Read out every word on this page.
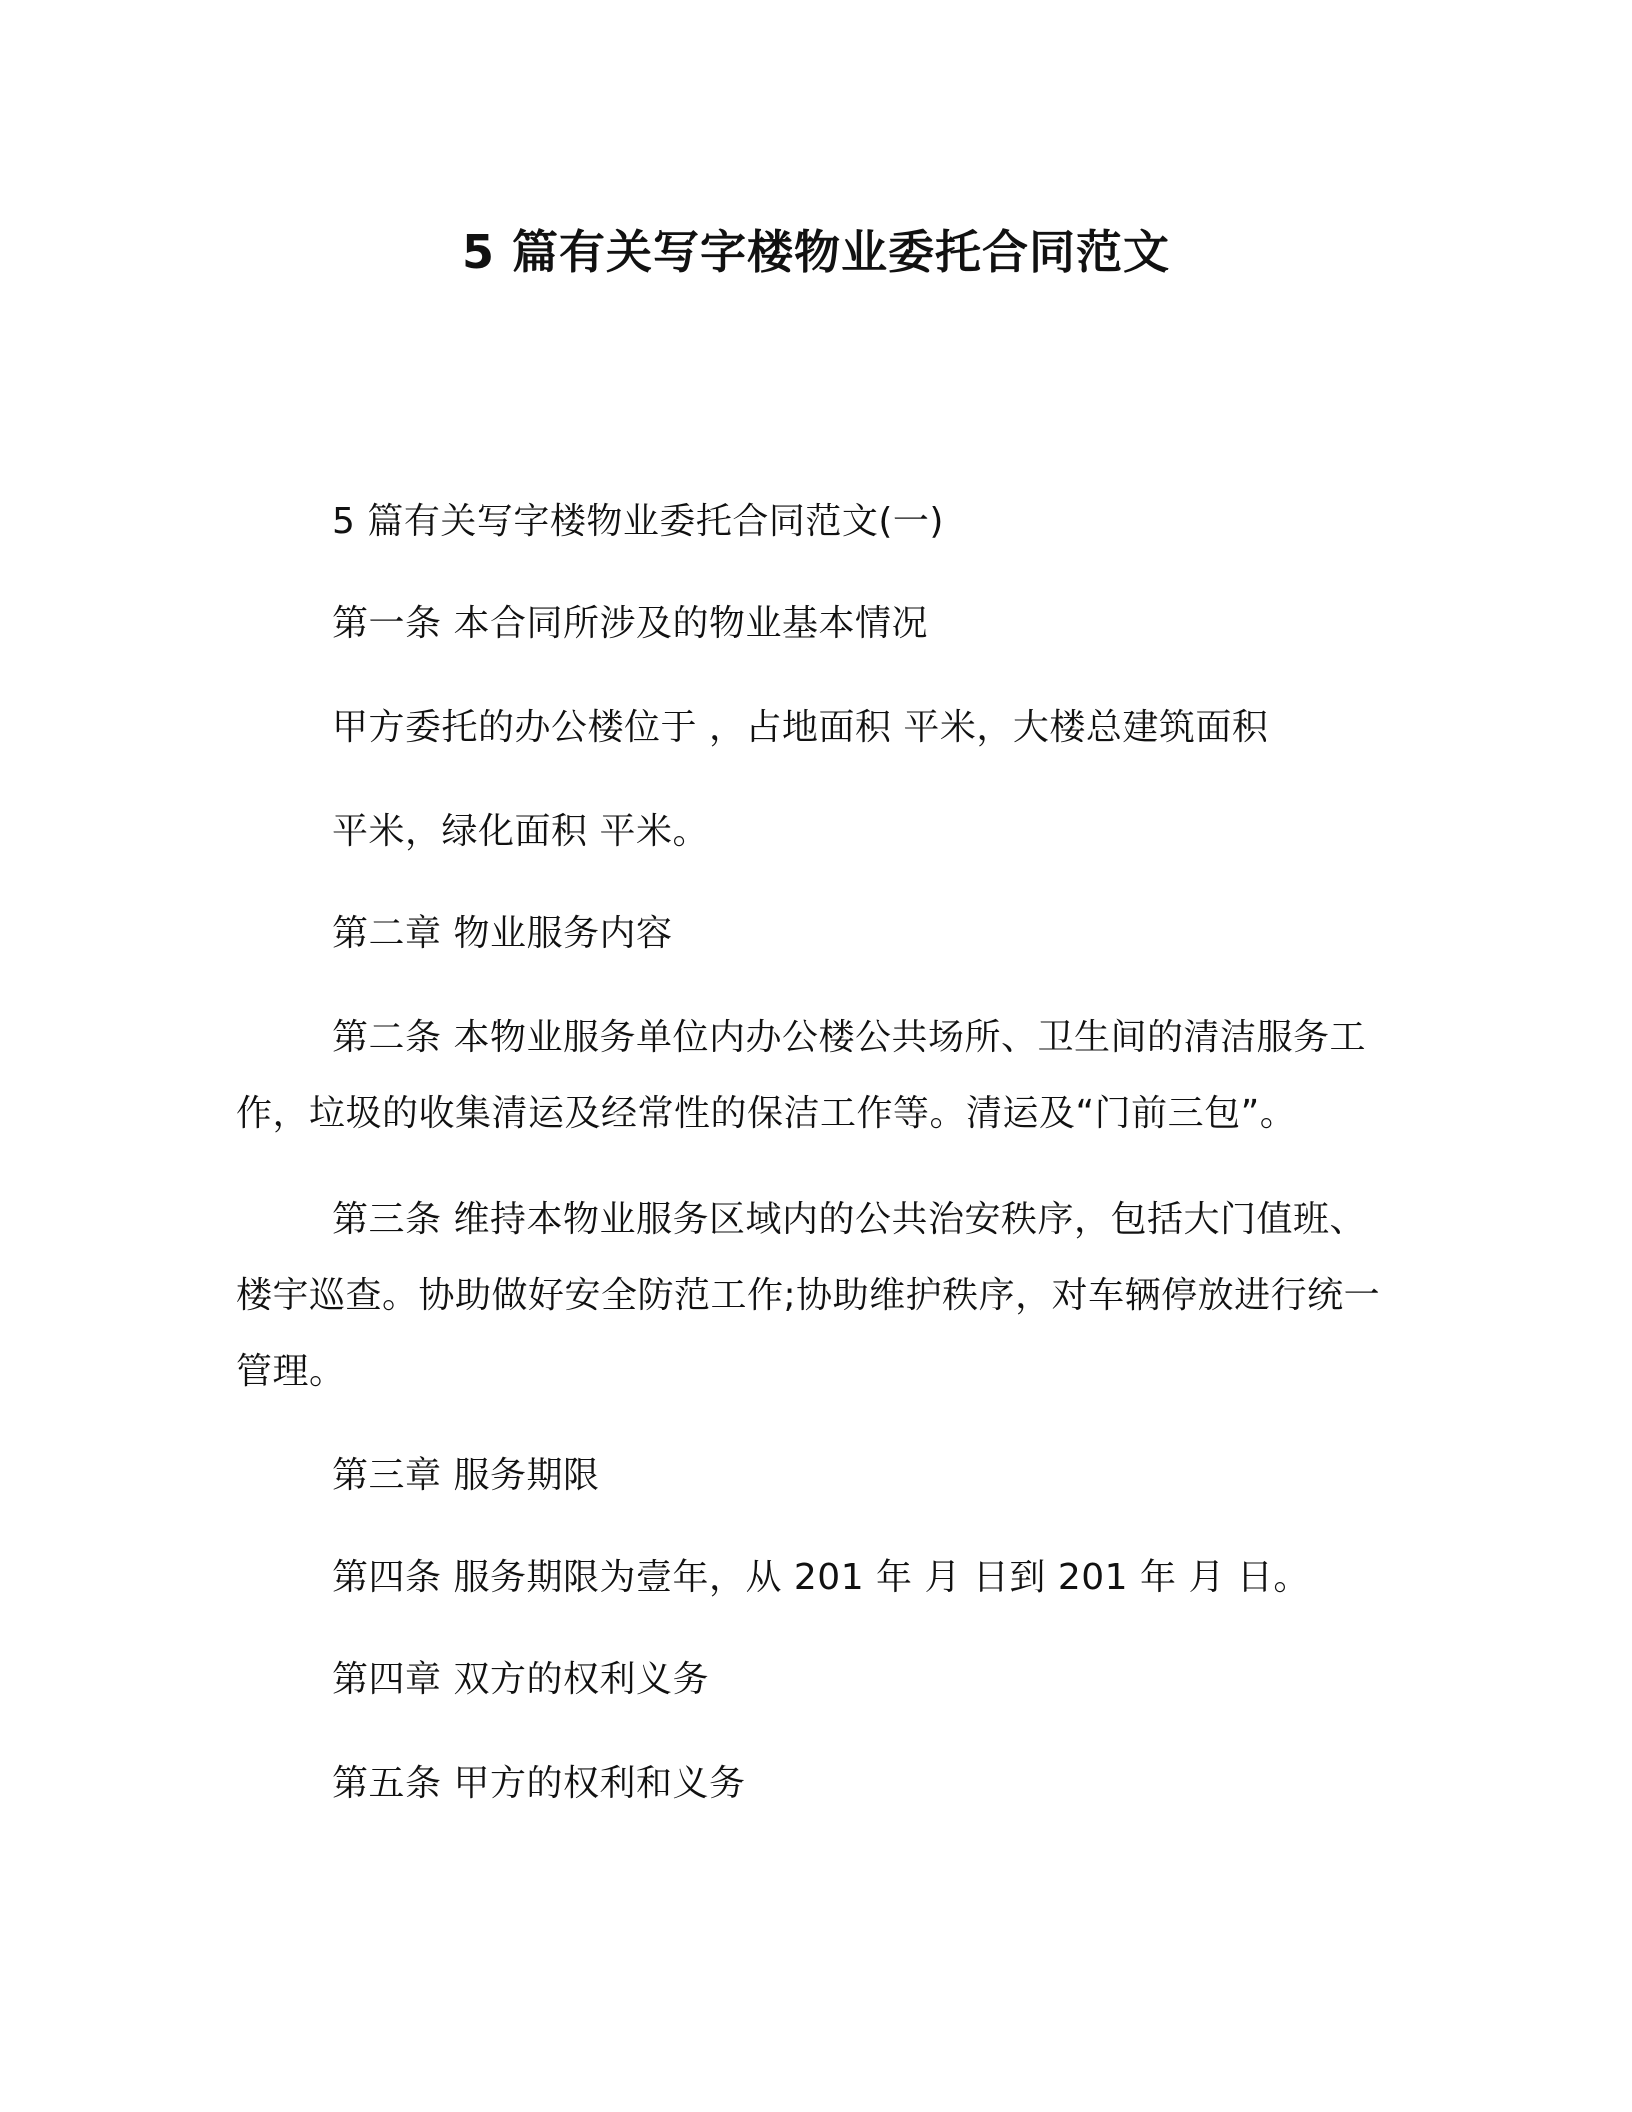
5 篇有关写字楼物业委托合同范文

5 篇有关写字楼物业委托合同范文(一)

第一条 本合同所涉及的物业基本情况

甲方委托的办公楼位于 ，占地面积 平米，大楼总建筑面积

平米，绿化面积 平米。

第二章 物业服务内容

第二条 本物业服务单位内办公楼公共场所、卫生间的清洁服务工作，垃圾的收集清运及经常性的保洁工作等。清运及“门前三包”。

第三条 维持本物业服务区域内的公共治安秩序，包括大门值班、楼宇巡查。协助做好安全防范工作;协助维护秩序，对车辆停放进行统一管理。

第三章 服务期限

第四条 服务期限为壹年，从 201 年 月 日到 201 年 月 日。

第四章 双方的权利义务

第五条 甲方的权利和义务
